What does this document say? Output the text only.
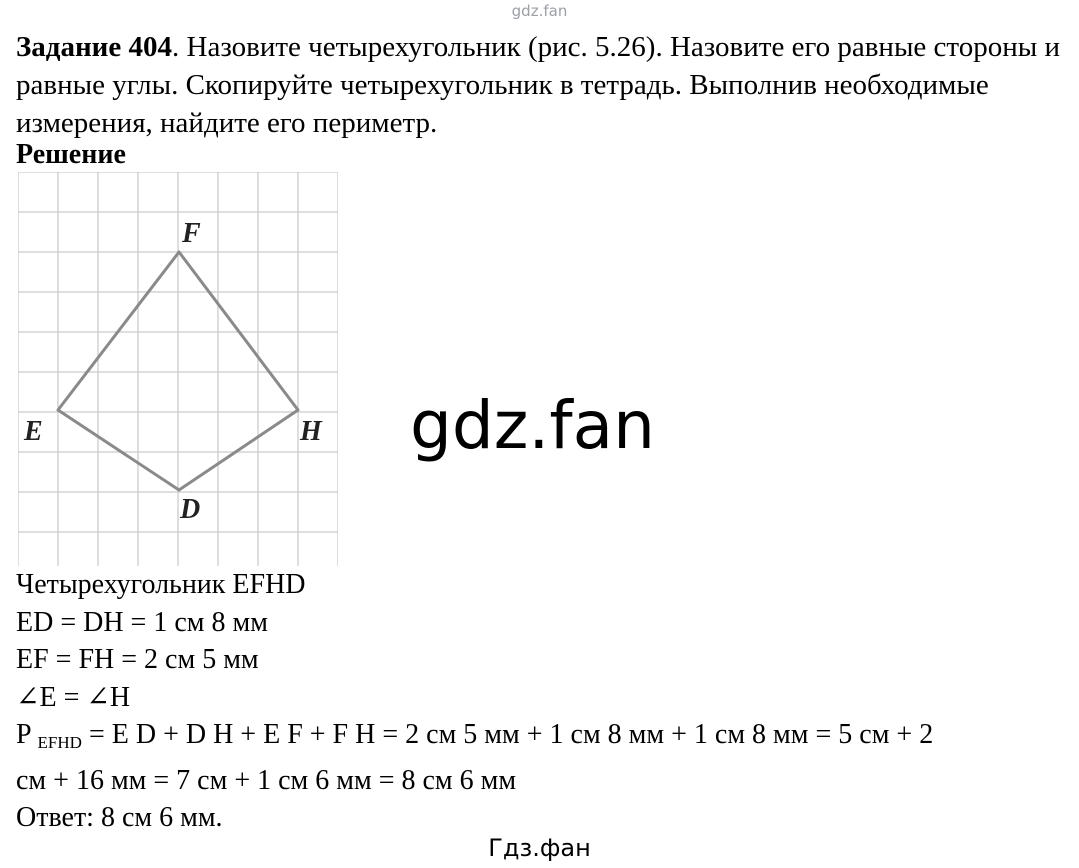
gdz.fan
Задание 404. Назовите четырехугольник (рис. 5.26). Назовите его равные стороны и равные углы. Скопируйте четырехугольник в тетрадь. Выполнив необходимые измерения, найдите его периметр.
Решение
F
E	H
D
gdz.fan
Четырехугольник EFHD
ED = DH = 1 см 8 мм
EF = FH = 2 см 5 мм
∠E = ∠H
P $_{EFHD}$ = E D + D H + E F + F H = 2 см 5 мм + 1 см 8 мм + 1 см 8 мм = 5 см + 2
см + 16 мм = 7 см + 1 см 6 мм = 8 см 6 мм
Ответ: 8 см 6 мм.
Гдз.фан
